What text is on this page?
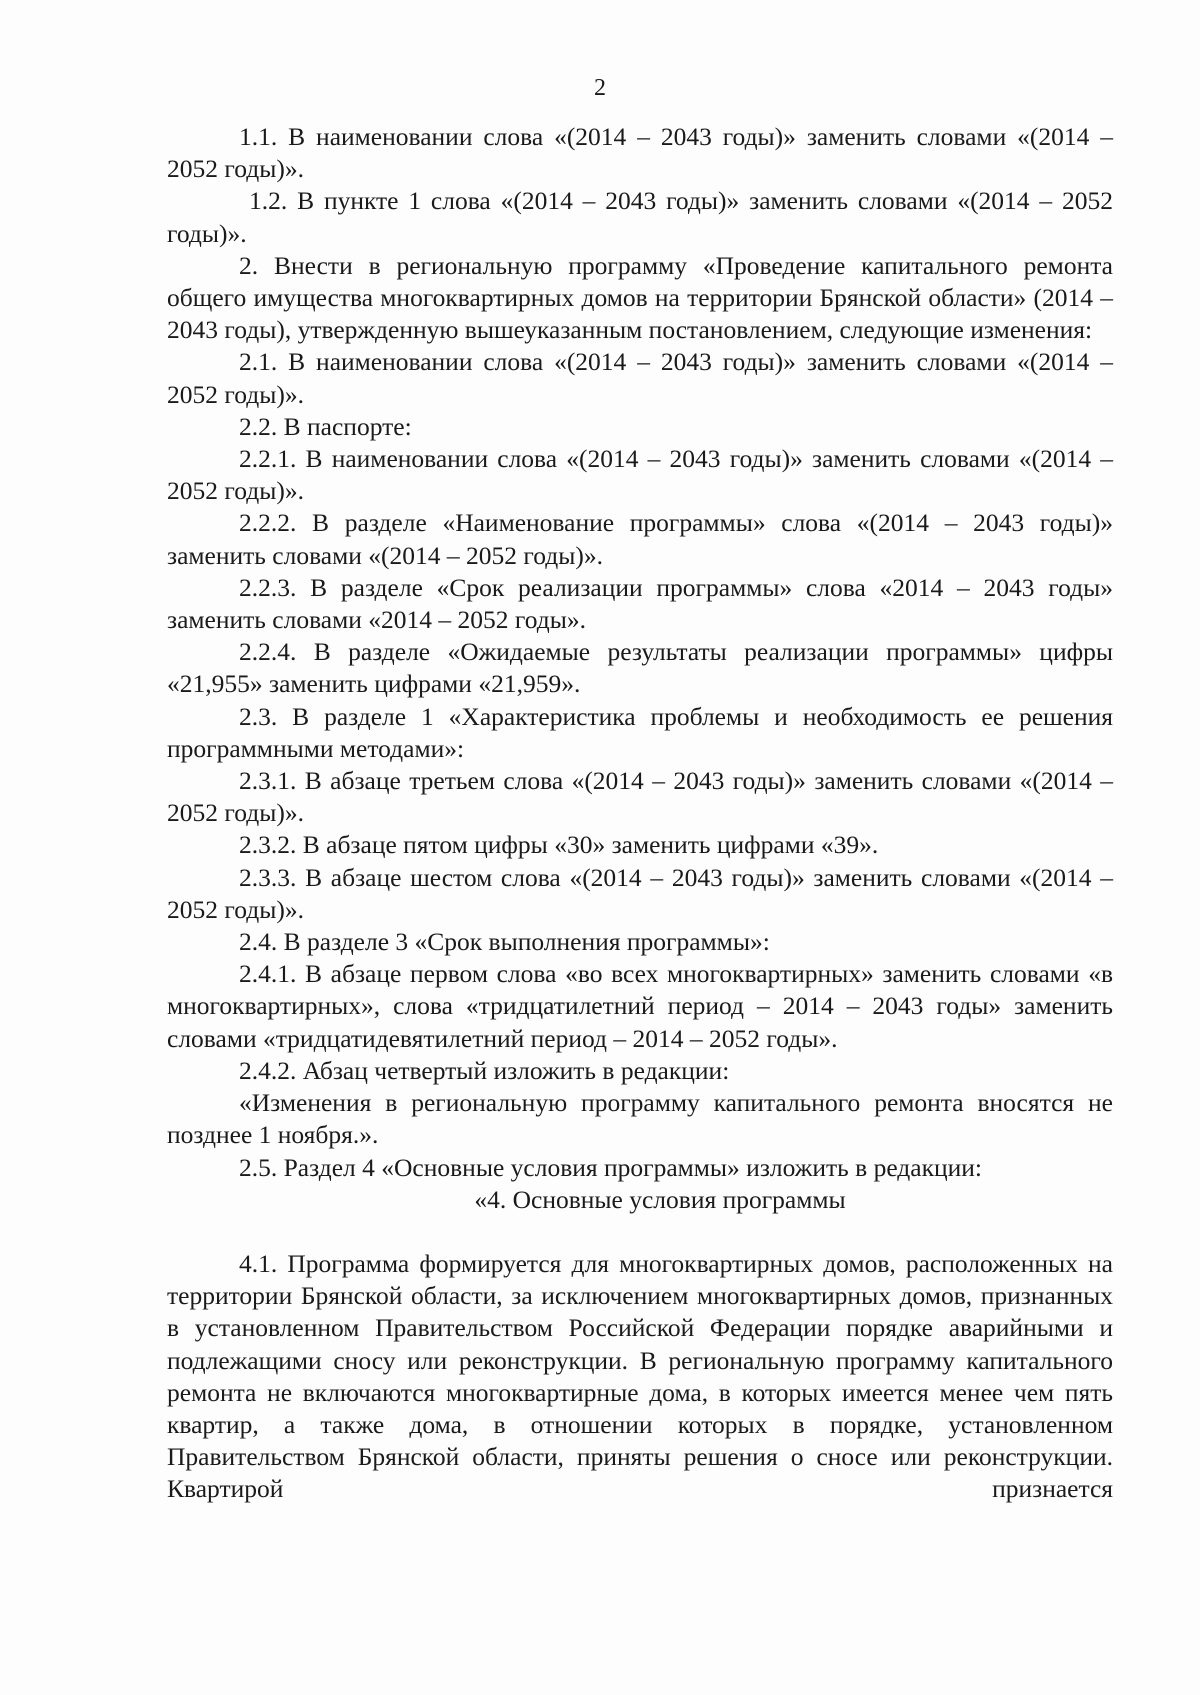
2

1.1. В наименовании слова «(2014 – 2043 годы)» заменить словами «(2014 – 2052 годы)».

1.2. В пункте 1 слова «(2014 – 2043 годы)» заменить словами «(2014 – 2052 годы)».

2. Внести в региональную программу «Проведение капитального ремонта общего имущества многоквартирных домов на территории Брянской области» (2014 – 2043 годы), утвержденную вышеуказанным постановлением, следующие изменения:

2.1. В наименовании слова «(2014 – 2043 годы)» заменить словами «(2014 – 2052 годы)».

2.2. В паспорте:

2.2.1. В наименовании слова «(2014 – 2043 годы)» заменить словами «(2014 – 2052 годы)».

2.2.2. В разделе «Наименование программы» слова «(2014 – 2043 годы)» заменить словами «(2014 – 2052 годы)».

2.2.3. В разделе «Срок реализации программы» слова «2014 – 2043 годы» заменить словами «2014 – 2052 годы».

2.2.4. В разделе «Ожидаемые результаты реализации программы» цифры «21,955» заменить цифрами «21,959».

2.3. В разделе 1 «Характеристика проблемы и необходимость ее решения программными методами»:

2.3.1. В абзаце третьем слова «(2014 – 2043 годы)» заменить словами «(2014 – 2052 годы)».

2.3.2. В абзаце пятом цифры «30» заменить цифрами «39».

2.3.3. В абзаце шестом слова «(2014 – 2043 годы)» заменить словами «(2014 – 2052 годы)».

2.4. В разделе 3 «Срок выполнения программы»:

2.4.1. В абзаце первом слова «во всех многоквартирных» заменить словами «в многоквартирных», слова «тридцатилетний период – 2014 – 2043 годы» заменить словами «тридцатидевятилетний период – 2014 – 2052 годы».

2.4.2. Абзац четвертый изложить в редакции:

«Изменения в региональную программу капитального ремонта вносятся не позднее 1 ноября.».

2.5. Раздел 4 «Основные условия программы» изложить в редакции:

«4. Основные условия программы

4.1. Программа формируется для многоквартирных домов, расположенных на территории Брянской области, за исключением многоквартирных домов, признанных в установленном Правительством Российской Федерации порядке аварийными и подлежащими сносу или реконструкции. В региональную программу капитального ремонта не включаются многоквартирные дома, в которых имеется менее чем пять квартир, а также дома, в отношении которых в порядке, установленном Правительством Брянской области, приняты решения о сносе или реконструкции. Квартирой признается
